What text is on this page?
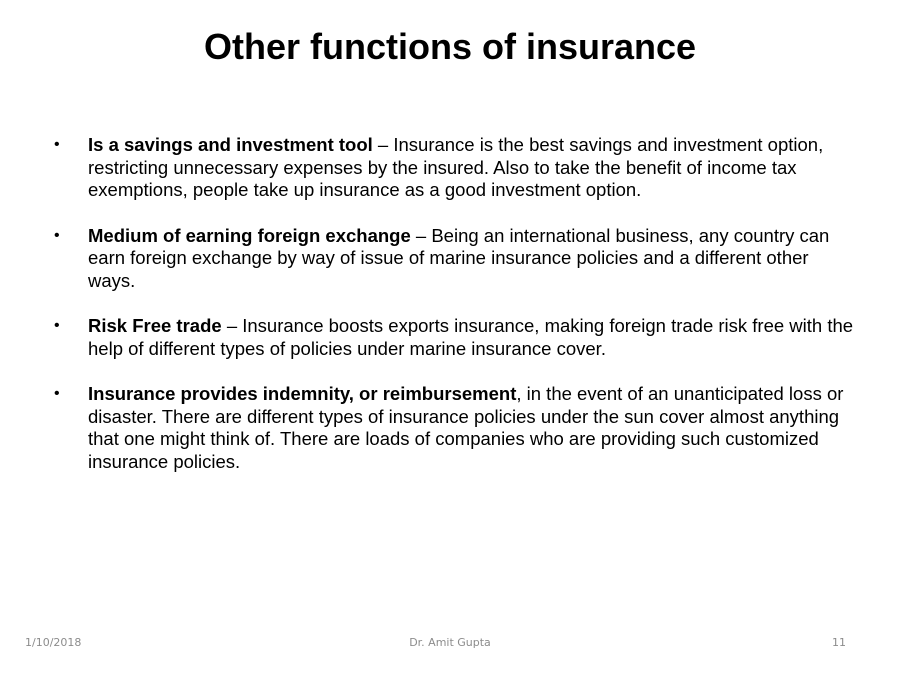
Other functions of insurance
• Is a savings and investment tool – Insurance is the best savings and investment option, restricting unnecessary expenses by the insured. Also to take the benefit of income tax exemptions, people take up insurance as a good investment option.
• Medium of earning foreign exchange – Being an international business, any country can earn foreign exchange by way of issue of marine insurance policies and a different other ways.
• Risk Free trade – Insurance boosts exports insurance, making foreign trade risk free with the help of different types of policies under marine insurance cover.
• Insurance provides indemnity, or reimbursement, in the event of an unanticipated loss or disaster. There are different types of insurance policies under the sun cover almost anything that one might think of. There are loads of companies who are providing such customized insurance policies.
1/10/2018	Dr. Amit Gupta	11
